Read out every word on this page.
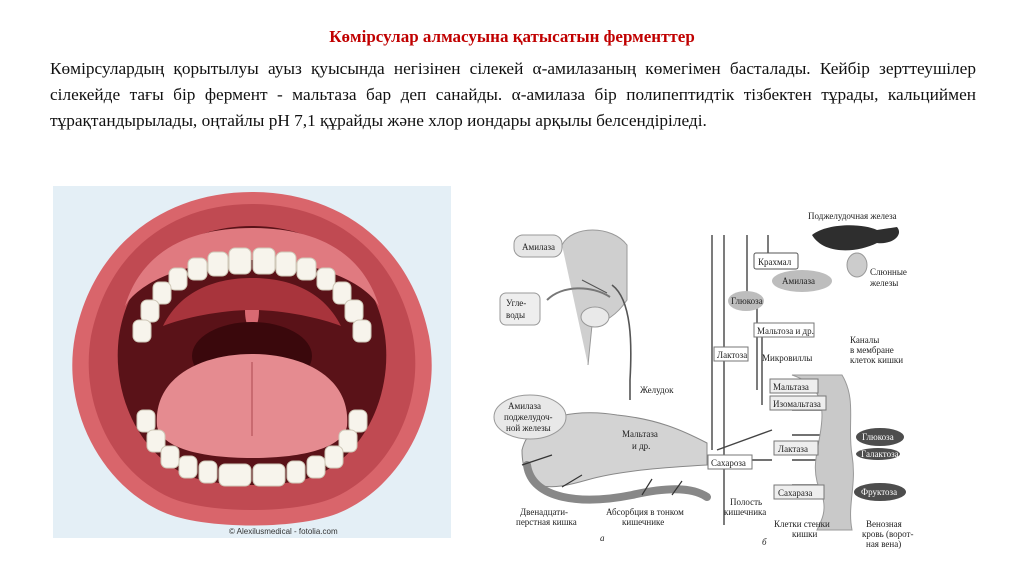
Көмірсулар алмасуына қатысатын ферменттер
Көмірсулардың қорытылуы ауыз қуысында негізінен сілекей α-амилазаның көмегімен басталады. Кейбір зерттеушілер сілекейде тағы бір фермент - мальтаза бар деп санайды. α-амилаза бір полипептидтік тізбектен тұрады, кальциймен тұрақтандырылады, оңтайлы рН 7,1 құрайды және хлор иондары арқылы белсендіріледі.
© Alexilusmedical - fotolia.com
Амилаза
Угле-
воды
Желудок
Амилаза
поджелудоч-
ной железы
Мальтаза
и др.
Двенадцати-
перстная кишка
Абсорбция в тонком
кишечнике
а
Поджелудочная железа
Слюнные
железы
Крахмал
Амилаза
Глюкоза
Мальтоза и др.
Лактоза Микровиллы
Каналы
в мембране
клеток кишки
Мальтаза
Изомальтаза
Лактаза
Сахароза
Сахараза
Глюкоза
Галактоза
Фруктоза
Полость
кишечника
Клетки стенки
кишки
Венозная
кровь (ворот-
ная вена)
б
